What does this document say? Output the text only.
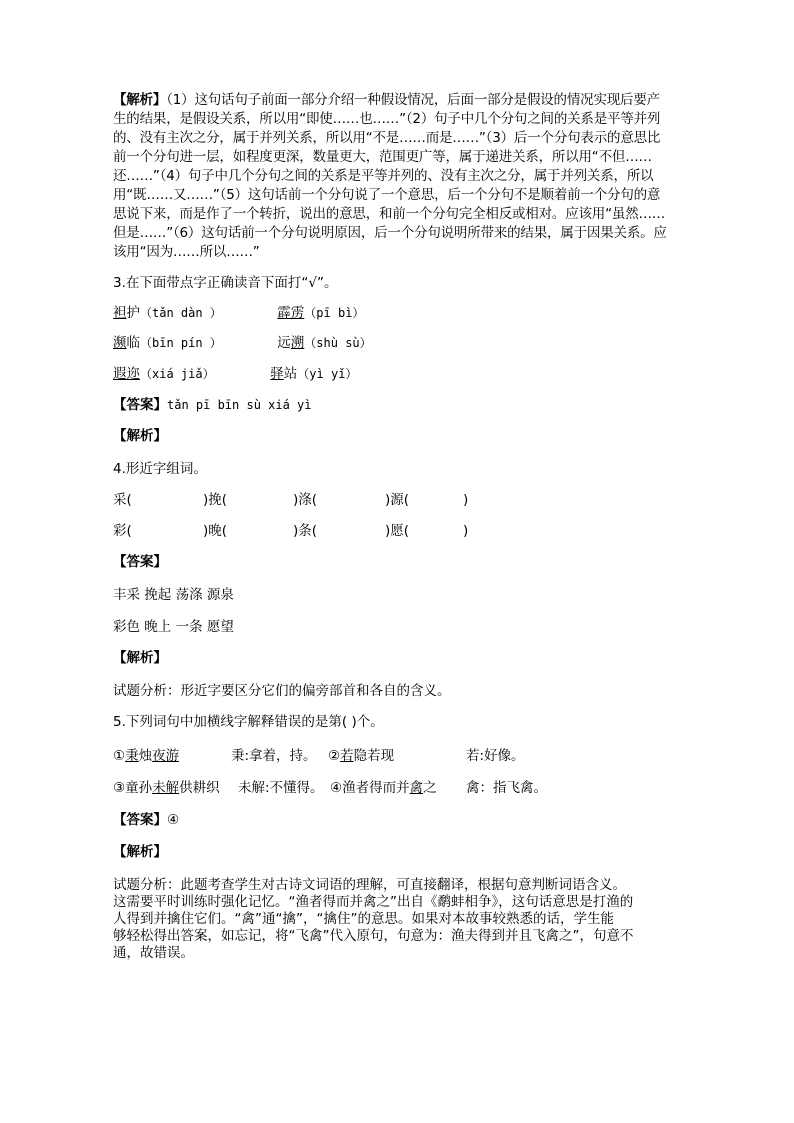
【解析】（1）这句话句子前面一部分介绍一种假设情况，后面一部分是假设的情况实现后要产生的结果，是假设关系，所以用“即使……也……”（2）句子中几个分句之间的关系是平等并列的、没有主次之分，属于并列关系，所以用“不是……而是……”（3）后一个分句表示的意思比前一个分句进一层，如程度更深，数量更大，范围更广等，属于递进关系，所以用“不但……还……”（4）句子中几个分句之间的关系是平等并列的、没有主次之分，属于并列关系，所以用“既……又……”（5）这句话前一个分句说了一个意思，后一个分句不是顺着前一个分句的意思说下来，而是作了一个转折，说出的意思，和前一个分句完全相反或相对。应该用“虽然……但是……”（6）这句话前一个分句说明原因，后一个分句说明所带来的结果，属于因果关系。应该用“因为……所以……”

3.在下面带点字正确读音下面打“√”。
袒护（tǎn dàn ）	霹雳（pī bì）
濒临（bīn pín ）	远溯（shù sù）
遐迩（xiá jiǎ）	驿站（yì yǐ）
【答案】tǎn pī bīn sù xiá yì
【解析】
4.形近字组词。
采(	)挽(	)涤(	)源(	)
彩(	)晚(	)条(	)愿(	)
【答案】
丰采 挽起 荡涤 源泉
彩色 晚上 一条 愿望
【解析】
试题分析：形近字要区分它们的偏旁部首和各自的含义。
5.下列词句中加横线字解释错误的是第( )个。
①秉烛夜游	秉:拿着，持。 ②若隐若现	若:好像。
③童孙未解供耕织 未解:不懂得。 ④渔者得而并禽之 禽：指飞禽。
【答案】④
【解析】
试题分析：此题考查学生对古诗文词语的理解，可直接翻译，根据句意判断词语含义。
这需要平时训练时强化记忆。“渔者得而并禽之”出自《鹬蚌相争》，这句话意思是打渔的
人得到并擒住它们。“禽”通“擒”，“擒住”的意思。如果对本故事较熟悉的话，学生能
够轻松得出答案，如忘记，将“飞禽”代入原句，句意为：渔夫得到并且飞禽之”，句意不
通，故错误。
